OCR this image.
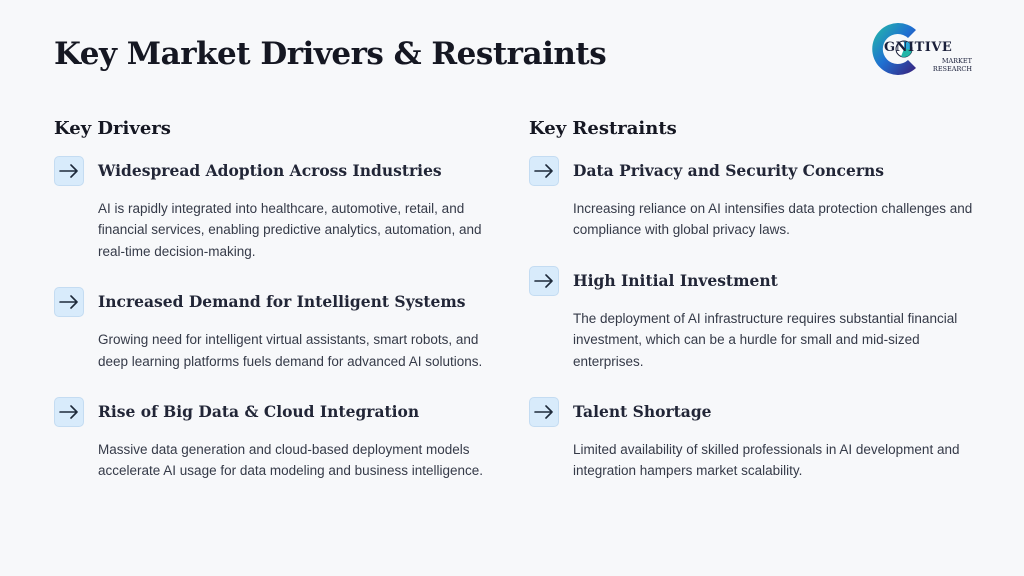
Key Market Drivers & Restraints	GNITIVE
MARKET
RESEARCH
Key Drivers
Widespread Adoption Across Industries

AI is rapidly integrated into healthcare, automotive, retail, and financial services, enabling predictive analytics, automation, and real-time decision-making.

Increased Demand for Intelligent Systems

Growing need for intelligent virtual assistants, smart robots, and deep learning platforms fuels demand for advanced AI solutions.

Rise of Big Data & Cloud Integration

Massive data generation and cloud-based deployment models accelerate AI usage for data modeling and business intelligence.

Key Restraints
Data Privacy and Security Concerns

Increasing reliance on AI intensifies data protection challenges and compliance with global privacy laws.

High Initial Investment

The deployment of AI infrastructure requires substantial financial investment, which can be a hurdle for small and mid-sized enterprises.

Talent Shortage

Limited availability of skilled professionals in AI development and integration hampers market scalability.
